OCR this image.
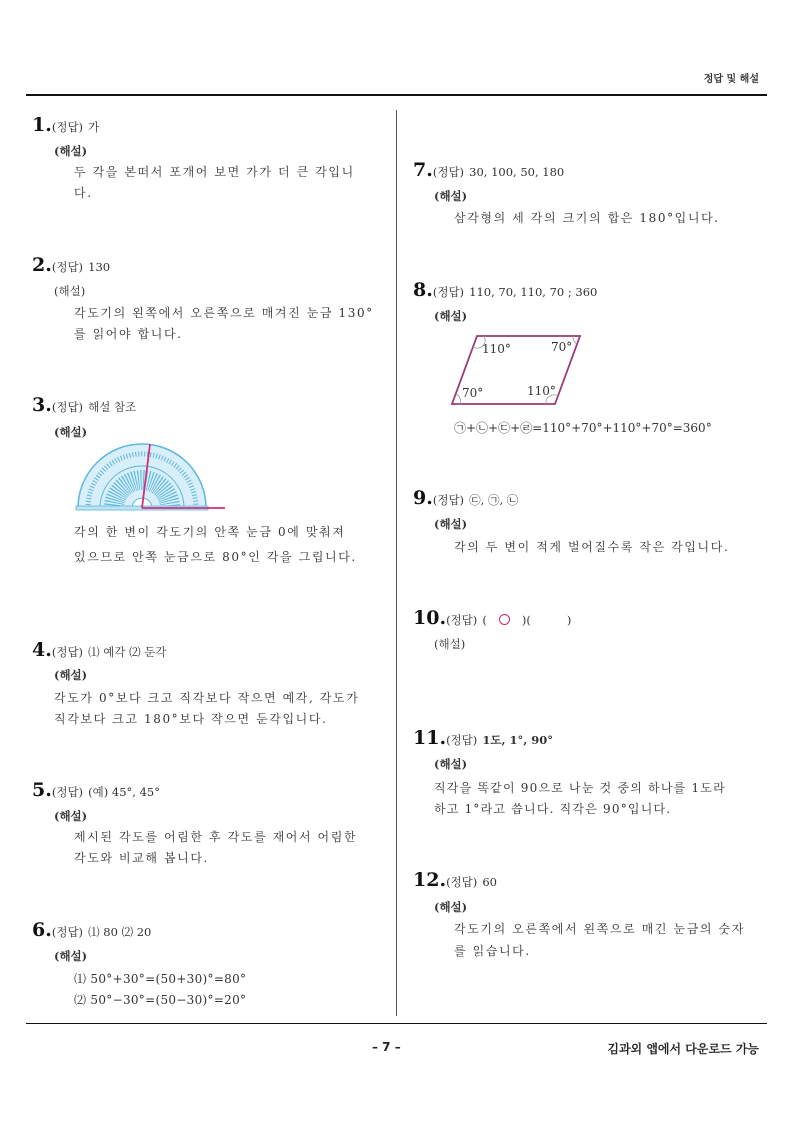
정답 및 해설
1.(정답) 가
(해설)
두 각을 본떠서 포개어 보면 가가 더 큰 각입니
다.
2.(정답) 130
(해설)
각도기의 왼쪽에서 오른쪽으로 매겨진 눈금 130°
를 읽어야 합니다.
3.(정답) 해설 참조
(해설)
각의 한 변이 각도기의 안쪽 눈금 0에 맞춰져
있으므로 안쪽 눈금으로 80°인 각을 그립니다.
4.(정답) ⑴ 예각 ⑵ 둔각
(해설)
각도가 0°보다 크고 직각보다 작으면 예각, 각도가
직각보다 크고 180°보다 작으면 둔각입니다.
5.(정답) (예) 45°, 45°
(해설)
제시된 각도를 어림한 후 각도를 재어서 어림한
각도와 비교해 봅니다.
6.(정답) ⑴ 80 ⑵ 20
(해설)
⑴ 50°+30°=(50+30)°=80°
⑵ 50°−30°=(50−30)°=20°
7.(정답) 30, 100, 50, 180
(해설)
삼각형의 세 각의 크기의 합은 180°입니다.
8.(정답) 110, 70, 110, 70 ; 360
(해설)
110°	70°
70°	110°
㉠+㉡+㉢+㉣=110°+70°+110°+70°=360°
9.(정답) ㉢, ㉠, ㉡
(해설)
각의 두 변이 적게 벌어질수록 작은 각입니다.
10.(정답) ( ○ )(	)
(해설)
11.(정답) 1도, 1°, 90°
(해설)
직각을 똑같이 90으로 나눈 것 중의 하나를 1도라
하고 1°라고 씁니다. 직각은 90°입니다.
12.(정답) 60
(해설)
각도기의 오른쪽에서 왼쪽으로 매긴 눈금의 숫자
를 읽습니다.
– 7 –	김과외 앱에서 다운로드 가능
